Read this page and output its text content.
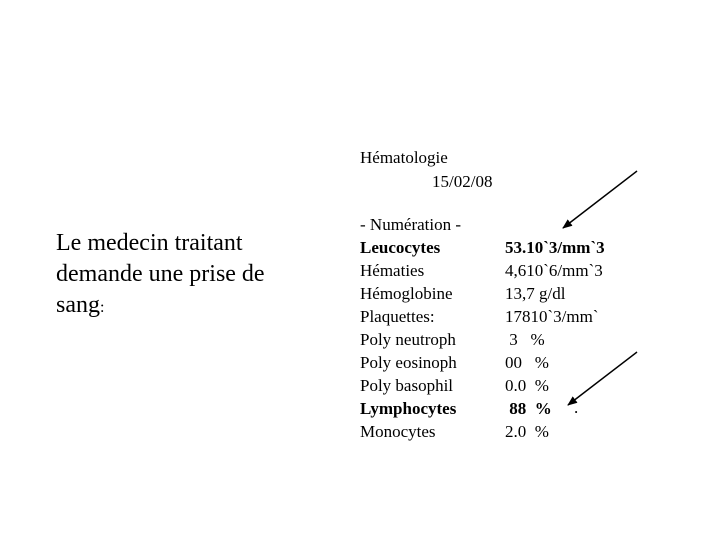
Le medecin traitant
demande une prise de
sang:
Hématologie
15/02/08
- Numération -
Leucocytes	53.10`3/mm`3
Hématies	4,610`6/mm`3
Hémoglobine	13,7 g/dl
Plaquettes:	17810`3/mm`
Poly neutroph	3   %
Poly eosinoph	00   %
Poly basophil	0.0  %
Lymphocytes	88  %
Monocytes	2.0  %
.
